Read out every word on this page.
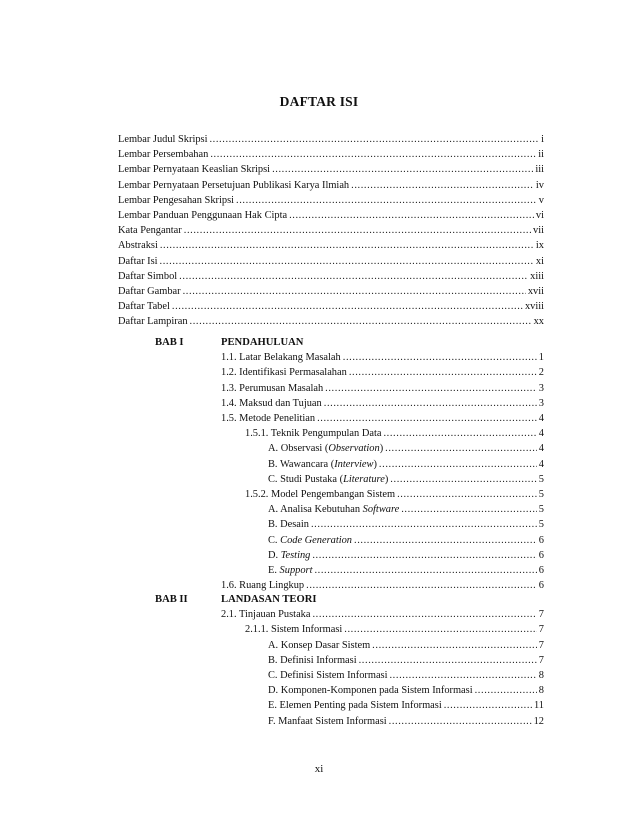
DAFTAR ISI
Lembar Judul Skripsi .....	i
Lembar Persembahan .....	ii
Lembar Pernyataan Keaslian Skripsi .....	iii
Lembar Pernyataan Persetujuan Publikasi Karya Ilmiah .....	iv
Lembar Pengesahan Skripsi .....	v
Lembar Panduan Penggunaan Hak Cipta .....	vi
Kata Pengantar .....	vii
Abstraksi .....	ix
Daftar Isi .....	xi
Daftar Simbol .....	xiii
Daftar Gambar .....	xvii
Daftar Tabel .....	xviii
Daftar Lampiran .....	xx
BAB I	PENDAHULUAN
1.1. Latar Belakang Masalah .....	1
1.2. Identifikasi Permasalahan .....	2
1.3. Perumusan Masalah .....	3
1.4. Maksud dan Tujuan .....	3
1.5. Metode Penelitian .....	4
1.5.1. Teknik Pengumpulan Data .....	4
A. Observasi (Observation) .....	4
B. Wawancara (Interview) .....	4
C. Studi Pustaka (Literature) .....	5
1.5.2. Model Pengembangan Sistem .....	5
A. Analisa Kebutuhan Software .....	5
B. Desain .....	5
C. Code Generation .....	6
D. Testing .....	6
E. Support .....	6
1.6. Ruang Lingkup .....	6
BAB II	LANDASAN TEORI
2.1. Tinjauan Pustaka .....	7
2.1.1. Sistem Informasi .....	7
A. Konsep Dasar Sistem .....	7
B. Definisi Informasi .....	7
C. Definisi Sistem Informasi .....	8
D. Komponen-Komponen pada Sistem Informasi .....	8
E. Elemen Penting pada Sistem Informasi .....	11
F. Manfaat Sistem Informasi .....	12
xi
